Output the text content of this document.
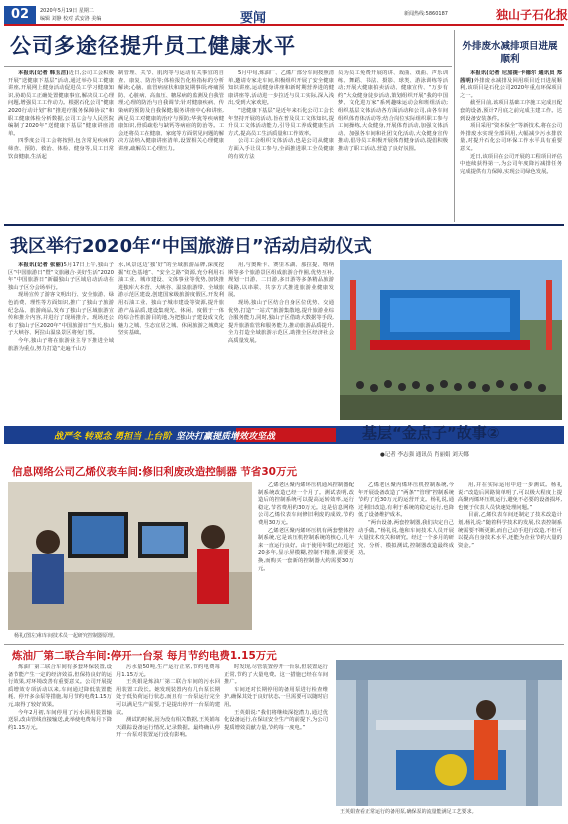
02	2020年5月19日 星期二
编辑 刘静 校对 武安洛 美编	要闻	新闻热线:5860187	独山子石化报
公司多途径提升员工健康水平

本报讯(记者 韩玉洁)近日,公司工会积极开展“送健康下基层”活动,通过举办员工健康讲座,开展网上健身活动促进员工学习健康知识,协助员工正确处置健康事宜,解决员工心理问题,增强员工工作动力。根据石化公司“健康2020行动计划”和“推进疗服务保障协议”和职工健康体检分析数据,公司工会与人民医院编制了2020年“送健康下基层”健康讲座清单。

四季度公司工会将按照,包含常见疾病的筛查、预防、救治、体检、健身等,员工日常饮食健康,生活起

制管理、关节、肌肉等与运动有关事宜的自查、康复、防治等;体检报告化检指标的分析解读;心脑、血管病症状和康复期事项;疼痛预防、心脏病、高血压、糖尿病的监测及自我管理;心理的防治与自我调节;针对健康疾病、传染病的预防及自我保健;服务讲座中心和讲座,满足员工对健康的治疗与预防;华犹等疾病健康知识,骨质疏松与缺钙等病症的防治等。工会还将员工在健康、家庭等方面常见问题的解决方法纳入健康讲座清单,设置相关心理健康讲座,疏解员工心理压力。

5月中旬,炼油厂、乙烯厂部分车间按照清单,邀请专家走车间,积极组织开展了安全健康知识讲座,运动健身讲座和新时期营养进的健康讲座等,活动进一步拉近与员工实际,深入浅出,受到大家欢迎。

“送健康下基层”是近年来石化公司工会长年坚持开展的活动,旨在普及员工文体知识,提升员工文体活动能力,引导员工养成健康生活方式,提高员工生活质量和工作效率。

公司工会组织文体活动,也是公司从健康方面入手让员工参与,全面推进职工全员健康的有效方法

员为员工免费开展的讲、戏曲、戏曲、声乐训练、舞蹈、书法、摄影、球类、游泳训练等活动;开展大健康拍卖活动、健康宣传、“万步有约”大众健身徒步活动,策划组织开展“我的中国梦、文化进万家”系列趣味运动会和班组活动;组织基层文体活动各方面活动和公司,由各车间组织体育体活动等;结合岗位实际组织职工参与工间操练,大众健身,开展体育活动,加强文体活动、加强各车间和社团文化活动,大众健身宣传推动,倡导员工积极开展体育健身活动,提倡积极推动了职工活动,营造了良好氛围。
外排废水减排项目进展顺利

本报讯(记者 尼加提·卡德尔 通讯员 郑茜明)外排废水减排及回用项目近日进展顺利,该项目是石化公司2020年重点环保项目之一。

截至目前,该项目基础工序施工完成且配套的设备,预计7月底之前完成主建工作。达到设备安装条件。

项目采用“资本保全”等新技术,将在公司外排废水实现全部回用,大幅减少污水排放量,对提升石化公司环保工作水平具有重要意义。

近日,该项目在公司开展的工程项目评估中连续获得第一,为公司年度降污减排任务完成提供有力保障,实现公司绿色发展。

我区举行2020年“中国旅游日”活动启动仪式

本报讯(记者 张丽)5月17日上午,独山子区“中国旅游日”暨“文旅融合·美好生活”2020年“中国旅游日”新疆独山子区域启动活动在独山子区分会场举行。

现场宣传了游客文明出行、安全旅游、绿色消费、理性等方面知识,推广了独山子旅游纪念品、旅游商品,发布了独山子区域旅游宣传和推介内容,并进行了现场推介。现场还公布了独山子区2020年“中国旅游日”当天,独山子大峡谷、阿拉山温泉景区将免门票。

今年,独山子将在旅游业主导下推进全域旅游为重点,努力打造“走遍千山万

水,风景这边‘独’好”的全域旅游品牌,深度挖掘“红色基地”、“安全之路”资源,充分利用石油工业、城市建设、文体事业等优势,加快推进独库大本营、大峡谷、温泉旅游带、全域旅游示范区建设,创建国家级旅游度假区,开发利用石油工业、独山子城市建设等资源,提升旅游产品品质,建设集观光、休闲、度假于一体的综合性旅游目的地,为把独山子建设成文化魅力之城、生态宜居之城、休闲旅游之城奠定坚实基础。

用,与奥斯卡、赛里木湖、那拉提、喀纳斯等多个旅游景区组成旅游合作圈,优势互补,规划一日游、二日游,多日游等多条精品旅游线路,以串联、共享方式推进旅游业健康发展。

现场,独山子区结合自身区位优势、交通优势,打造“一站式”旅游集散地,提升旅游业综合服务能力,同时,独山子区借助大数据等手段,提升旅游监管和服务能力,推动旅游品质提升,全力打造全域旅游示范区,助推全区经济社会高质量发展。

战严冬 转观念 勇担当 上台阶 坚决打赢提质增效攻坚战	基层“金点子”故事②
●记者 李志强 通讯员 肖丽娟 刘天娜
信息网络公司乙烯仪表车间:修旧利废改造控制器 节省30万元
杨礼(图左)和车间技术员一起研究控制器原理。

乙烯老区聚丙烯环压机通风控制器配制系统改造已经一个月了。测试表明,改造后的控制系统可以提高运转效率,运行稳定,节省费用约30万元。这是信息网络公司乙烯仪表车间修旧利废的成效,节约费用30万元。

乙烯老区聚丙烯环压机有两套整体控制系统,它是该压机控制系统的核心,几年来一直运行良好。由于使用年限已经超过20多年,显示屏模糊,控制不精准,需要更换,而购买一套新的控制器大约需要30万元。

乙烯老区聚丙烯环压机控制系统,今年开展设备改造了“两条”“管理”控制系统节约了近30万元的运营开支。杨礼说,通过利旧改造,有利于系统的稳定运行,也降低了设备维护成本。

“两台设备,两套控制器,我们决定自己动手做。”杨礼说,他和车间技术人员开展大量技术攻关和研究。经过一个多月的研究、分析、模拟测试,控制器改造最终成功。

用,并在实际运用中进一步测试。杨礼说:“改造后回路简单明了,可以极大程度上提高聚丙烯环压机运行,避免不必要的设备损坏,也便于仪表人员快速处理问题。”

目前,乙烯仪表车间还制定了技术改造计划,杨礼说:“随着科学技术的发展,仪表控制系统需要不断更新,而自己动手进行改造,不但可以提高自身技术水平,还能为企业节约大量的资金。”

炼油厂第二联合车间:停开一台泵 每月节约电费1.15万元

炼油厂第二联合车间有多套环保装置,设备节能产生一定的经济效益,但保持良好的运行效果,对环境改善有重要意义。公司开展提质增效专项活动以来,车间通过降低装置能耗、停开多余泵等措施,每月节约电费1.15万元,取得了较好效果。

今年2月初,车间停用了污水回用装置输送泵,改由管线直接输送,此举使电费每月下降约1.15万元。

污水量50吨,生产运行正常,节约电费每月1.15万元。

王英娟是炼油厂第二联合车间的污水回用装置工段长。她发现装置内有几台泵长期处于低负荷运行状态,而且有一台泵运行完全可以满足生产需要,于是提出停开一台泵的建议。

测试的时候,因为没有相关数据,王英娟每天跟踪设备运行情况,记录数据。最终确认停开一台泵对装置运行没有影响。

时发现,尽管装置停开一台泵,但装置运行正常,节约了大量电费。这一措施已经在车间推广。

车间还对长期停用的备用泵进行检查维护,确保其处于良好状态,一旦需要可以随时启用。

王英娟说:“我们将继续深挖潜力,通过优化设备运行,在保证安全生产的前提下,为公司提质增效贡献力量,节约每一度电。”

王英娟查看正常运行的备用泵,确保泵的流量能满足工艺要求。
